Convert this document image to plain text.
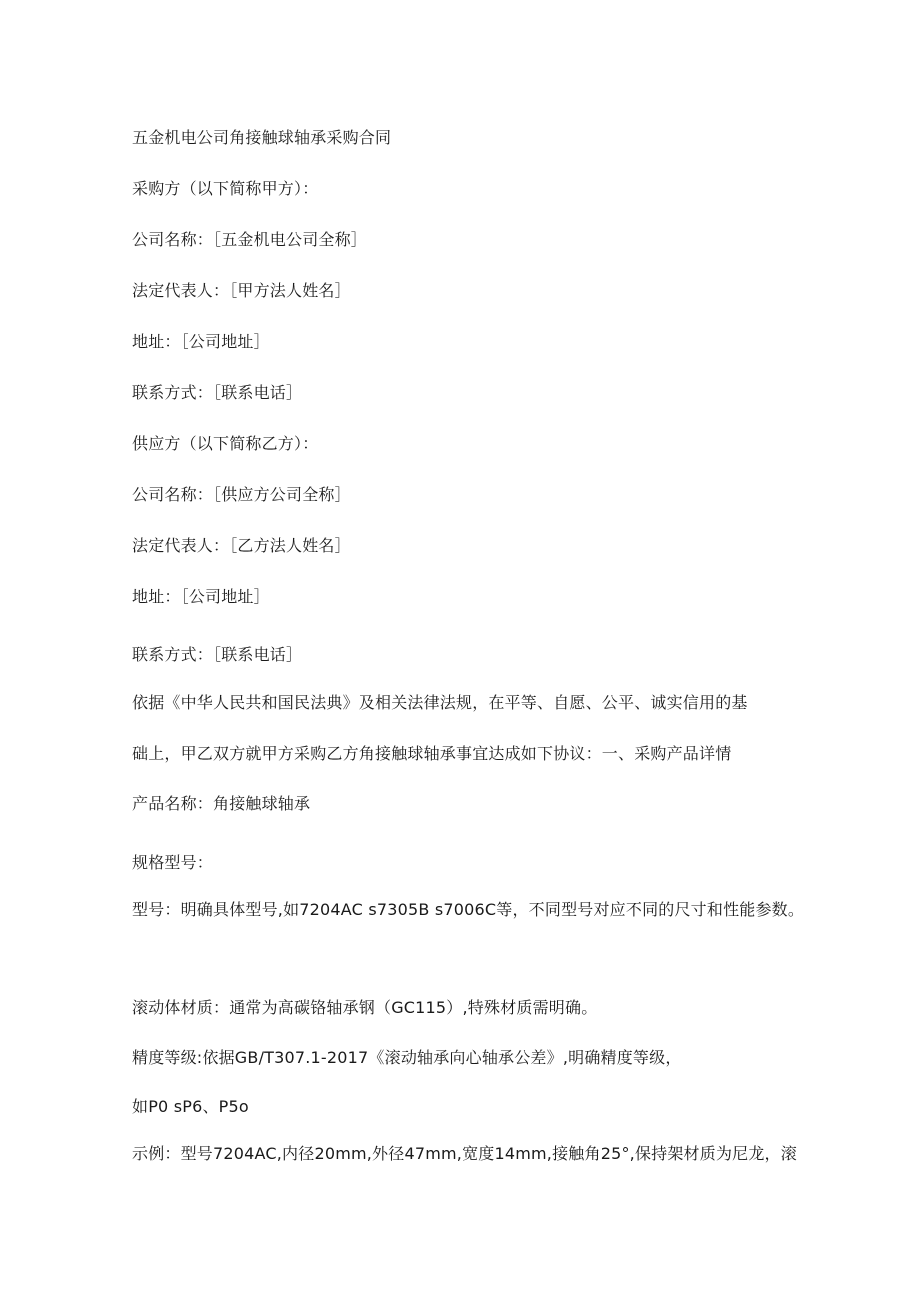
五金机电公司角接触球轴承采购合同
采购方（以下简称甲方）：
公司名称：［五金机电公司全称］
法定代表人：［甲方法人姓名］
地址：［公司地址］
联系方式：［联系电话］
供应方（以下简称乙方）：
公司名称：［供应方公司全称］
法定代表人：［乙方法人姓名］
地址：［公司地址］
联系方式：［联系电话］
依据《中华人民共和国民法典》及相关法律法规，在平等、自愿、公平、诚实信用的基
础上，甲乙双方就甲方采购乙方角接触球轴承事宜达成如下协议：一、采购产品详情
产品名称：角接触球轴承
规格型号：
型号：明确具体型号,如7204AC s7305B s7006C等，不同型号对应不同的尺寸和性能参数。
滚动体材质：通常为高碳铬轴承钢（GC115）,特殊材质需明确。
精度等级:依据GB/T307.1-2017《滚动轴承向心轴承公差》,明确精度等级，
如P0 sP6、P5o
示例：型号7204AC,内径20mm,外径47mm,宽度14mm,接触角25°,保持架材质为尼龙，滚
